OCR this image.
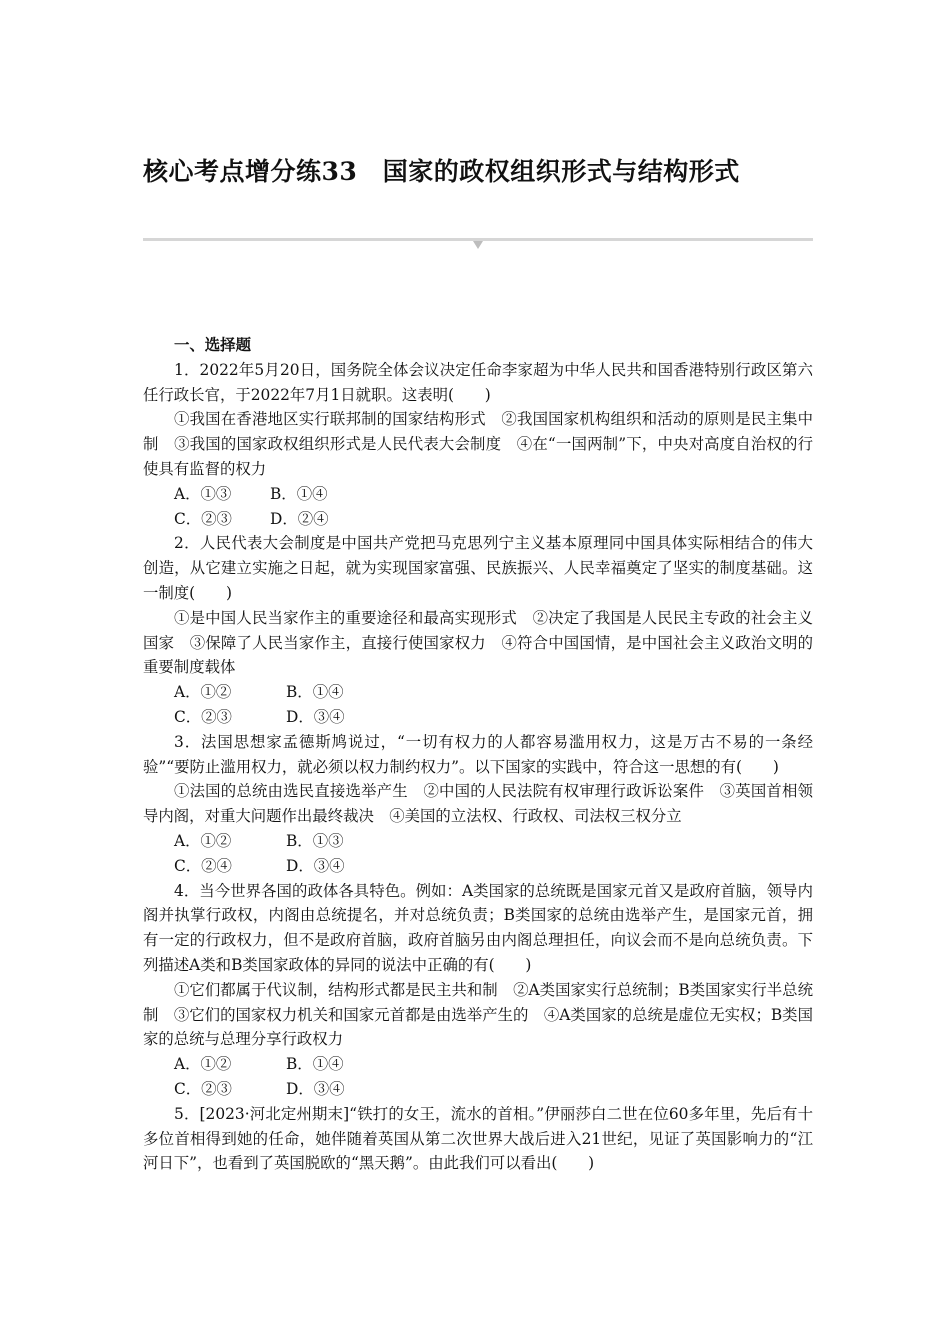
核心考点增分练33　国家的政权组织形式与结构形式
一、选择题

1．2022年5月20日，国务院全体会议决定任命李家超为中华人民共和国香港特别行政区第六任行政长官，于2022年7月1日就职。这表明(　　)

①我国在香港地区实行联邦制的国家结构形式　②我国国家机构组织和活动的原则是民主集中制　③我国的国家政权组织形式是人民代表大会制度　④在“一国两制”下，中央对高度自治权的行使具有监督的权力

A．①③	B．①④
C．②③ D．②④

2．人民代表大会制度是中国共产党把马克思列宁主义基本原理同中国具体实际相结合的伟大创造，从它建立实施之日起，就为实现国家富强、民族振兴、人民幸福奠定了坚实的制度基础。这一制度(　　)

①是中国人民当家作主的重要途径和最高实现形式　②决定了我国是人民民主专政的社会主义国家　③保障了人民当家作主，直接行使国家权力　④符合中国国情，是中国社会主义政治文明的重要制度载体

A．①②	B．①④
C．②③	D．③④

3．法国思想家孟德斯鸠说过，“一切有权力的人都容易滥用权力，这是万古不易的一条经验”“要防止滥用权力，就必须以权力制约权力”。以下国家的实践中，符合这一思想的有(　　)

①法国的总统由选民直接选举产生　②中国的人民法院有权审理行政诉讼案件　③英国首相领导内阁，对重大问题作出最终裁决　④美国的立法权、行政权、司法权三权分立

A．①②	B．①③
C．②④	D．③④

4．当今世界各国的政体各具特色。例如：A类国家的总统既是国家元首又是政府首脑，领导内阁并执掌行政权，内阁由总统提名，并对总统负责；B类国家的总统由选举产生，是国家元首，拥有一定的行政权力，但不是政府首脑，政府首脑另由内阁总理担任，向议会而不是向总统负责。下列描述A类和B类国家政体的异同的说法中正确的有(　　)

①它们都属于代议制，结构形式都是民主共和制　②A类国家实行总统制；B类国家实行半总统制　③它们的国家权力机关和国家元首都是由选举产生的　④A类国家的总统是虚位无实权；B类国家的总统与总理分享行政权力

A．①②	B．①④
C．②③	D．③④

5．[2023·河北定州期末]“铁打的女王，流水的首相。”伊丽莎白二世在位60多年里，先后有十多位首相得到她的任命，她伴随着英国从第二次世界大战后进入21世纪，见证了英国影响力的“江河日下”，也看到了英国脱欧的“黑天鹅”。由此我们可以看出(　　)
